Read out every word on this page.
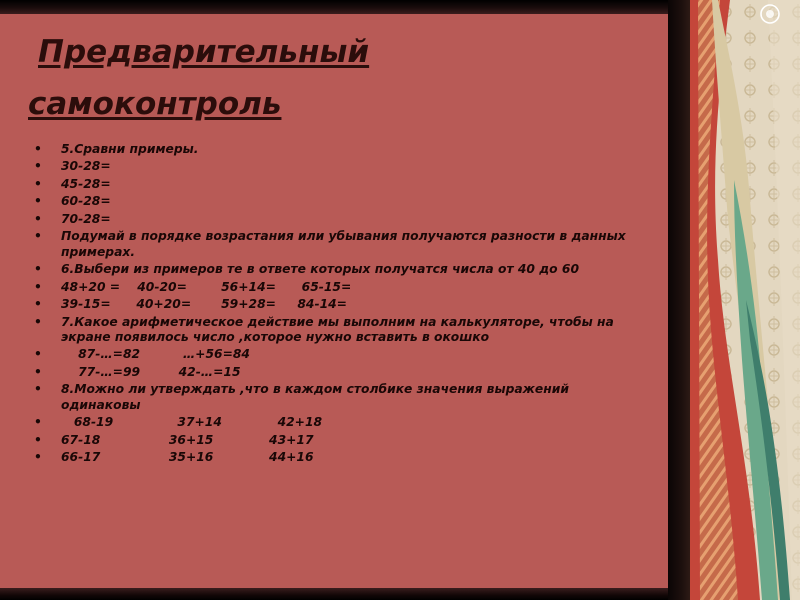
Предварительный
самоконтроль
• 5.Сравни примеры.
• 30-28=
• 45-28=
• 60-28=
• 70-28=
• Подумай в порядке возрастания или убывания получаются разности в данных примерах.
• 6.Выбери из примеров те в ответе которых получатся числа от 40 до 60
• 48+20 =    40-20=        56+14=      65-15=
• 39-15=      40+20=       59+28=     84-14=
• 7.Какое арифметическое действие мы выполним на калькуляторе, чтобы на экране появилось число ,которое нужно вставить в окошко
•     87-…=82          …+56=84
•     77-…=99         42-…=15
• 8.Можно ли утверждать ,что в каждом столбике значения выражений одинаковы
•    68-19               37+14             42+18
• 67-18                36+15             43+17
• 66-17                35+16             44+16
